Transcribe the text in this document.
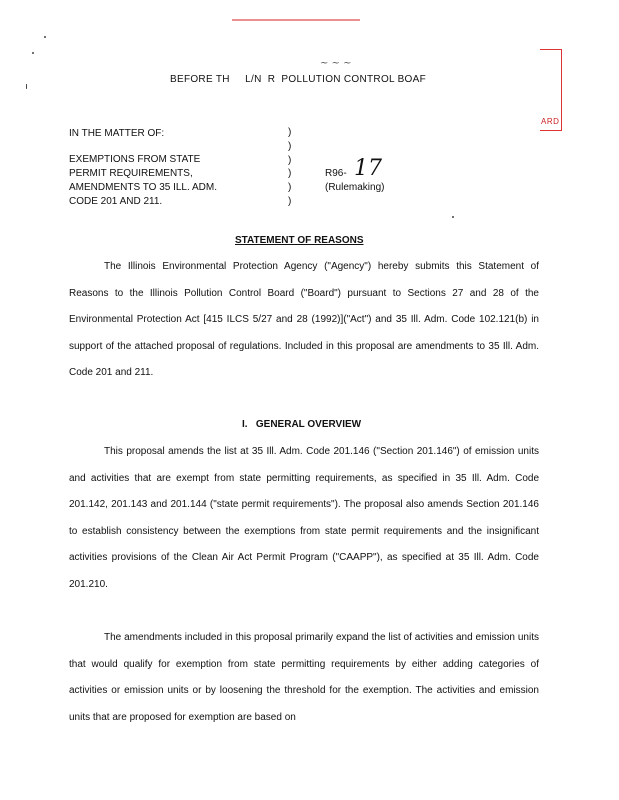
ARD
~ ~ ~
BEFORE TH     L/N  R  POLLUTION CONTROL BOAF
IN THE MATTER OF:
EXEMPTIONS FROM STATE
PERMIT REQUIREMENTS,
AMENDMENTS TO 35 ILL. ADM.
CODE 201 AND 211.
)
)
)
)
)
)
R96- 17
(Rulemaking)
STATEMENT OF REASONS
The Illinois Environmental Protection Agency ("Agency") hereby submits this Statement of Reasons to the Illinois Pollution Control Board ("Board") pursuant to Sections 27 and 28 of the Environmental Protection Act [415 ILCS 5/27 and 28 (1992)]("Act") and 35 Ill. Adm. Code 102.121(b) in support of the attached proposal of regulations. Included in this proposal are amendments to 35 Ill. Adm. Code 201 and 211.
I.   GENERAL OVERVIEW
This proposal amends the list at 35 Ill. Adm. Code 201.146 ("Section 201.146") of emission units and activities that are exempt from state permitting requirements, as specified in 35 Ill. Adm. Code 201.142, 201.143 and 201.144 ("state permit requirements"). The proposal also amends Section 201.146 to establish consistency between the exemptions from state permit requirements and the insignificant activities provisions of the Clean Air Act Permit Program ("CAAPP"), as specified at 35 Ill. Adm. Code 201.210.
The amendments included in this proposal primarily expand the list of activities and emission units that would qualify for exemption from state permitting requirements by either adding categories of activities or emission units or by loosening the threshold for the exemption. The activities and emission units that are proposed for exemption are based on
